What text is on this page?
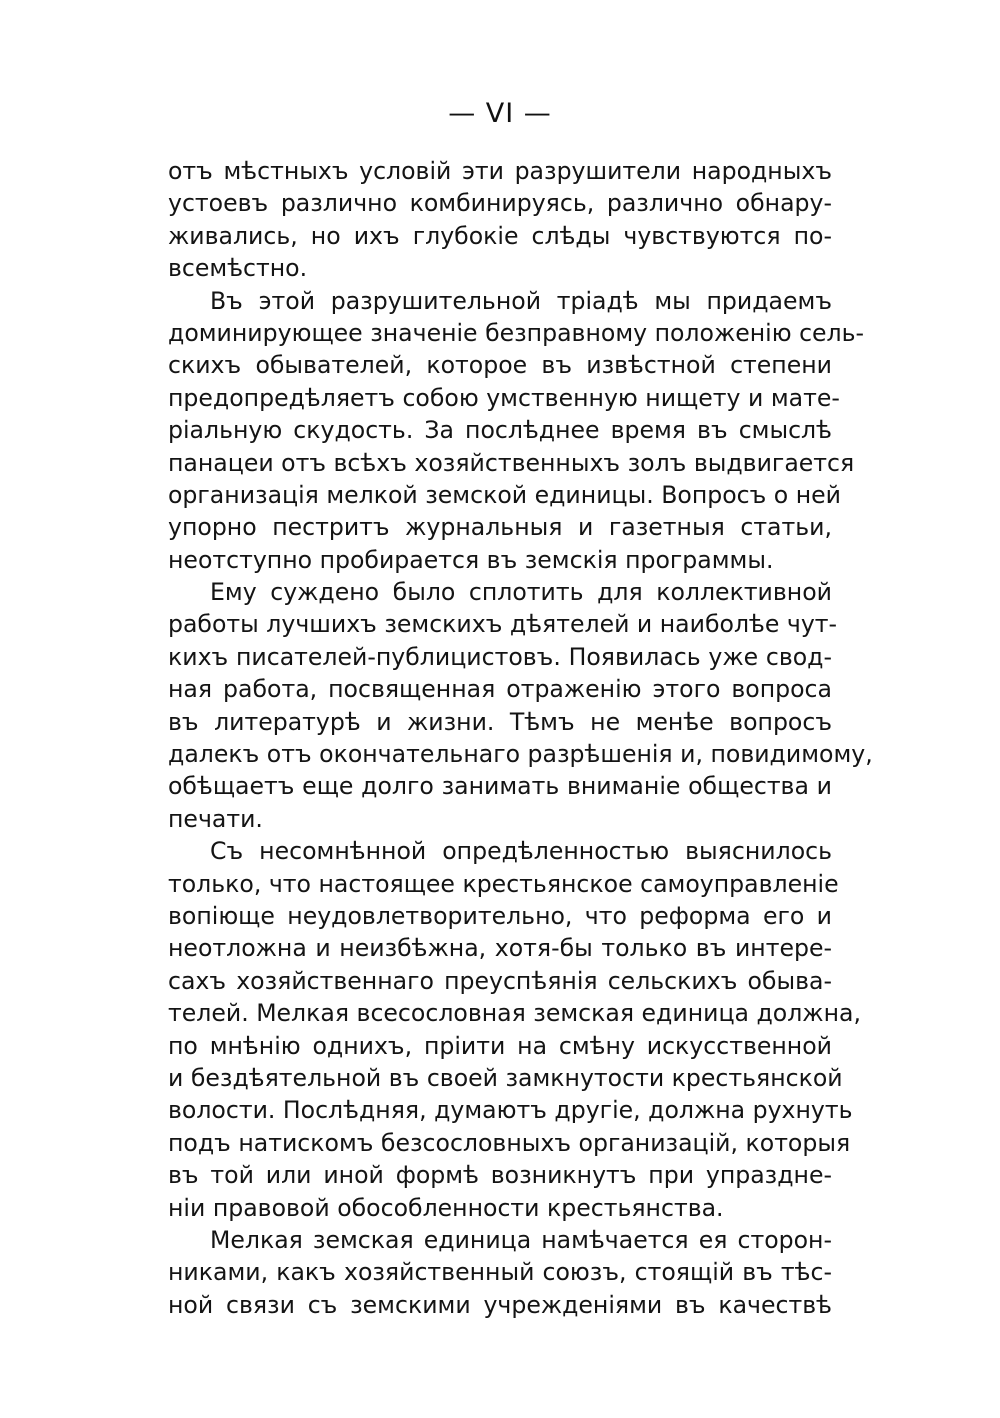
— VI —
отъ мѣстныхъ условій эти разрушители народныхъ
устоевъ различно комбинируясь, различно обнару-
живались, но ихъ глубокіе слѣды чувствуются по-
всемѣстно.
Въ этой разрушительной тріадѣ мы придаемъ
доминирующее значеніе безправному положенію сель-
скихъ обывателей, которое въ извѣстной степени
предопредѣляетъ собою умственную нищету и мате-
ріальную скудость. За послѣднее время въ смыслѣ
панацеи отъ всѣхъ хозяйственныхъ золъ выдвигается
организація мелкой земской единицы. Вопросъ о ней
упорно пестритъ журнальныя и газетныя статьи,
неотступно пробирается въ земскія программы.
Ему суждено было сплотить для коллективной
работы лучшихъ земскихъ дѣятелей и наиболѣе чут-
кихъ писателей-публицистовъ. Появилась уже свод-
ная работа, посвященная отраженію этого вопроса
въ литературѣ и жизни. Тѣмъ не менѣе вопросъ
далекъ отъ окончательнаго разрѣшенія и, повидимому,
обѣщаетъ еще долго занимать вниманіе общества и
печати.
Съ несомнѣнной опредѣленностью выяснилось
только, что настоящее крестьянское самоуправленіе
вопіюще неудовлетворительно, что реформа его и
неотложна и неизбѣжна, хотя-бы только въ интере-
сахъ хозяйственнаго преуспѣянія сельскихъ обыва-
телей. Мелкая всесословная земская единица должна,
по мнѣнію однихъ, пріити на смѣну искусственной
и бездѣятельной въ своей замкнутости крестьянской
волости. Послѣдняя, думаютъ другіе, должна рухнуть
подъ натискомъ безсословныхъ организацій, которыя
въ той или иной формѣ возникнутъ при упраздне-
ніи правовой обособленности крестьянства.
Мелкая земская единица намѣчается ея сторон-
никами, какъ хозяйственный союзъ, стоящій въ тѣс-
ной связи съ земскими учрежденіями въ качествѣ
